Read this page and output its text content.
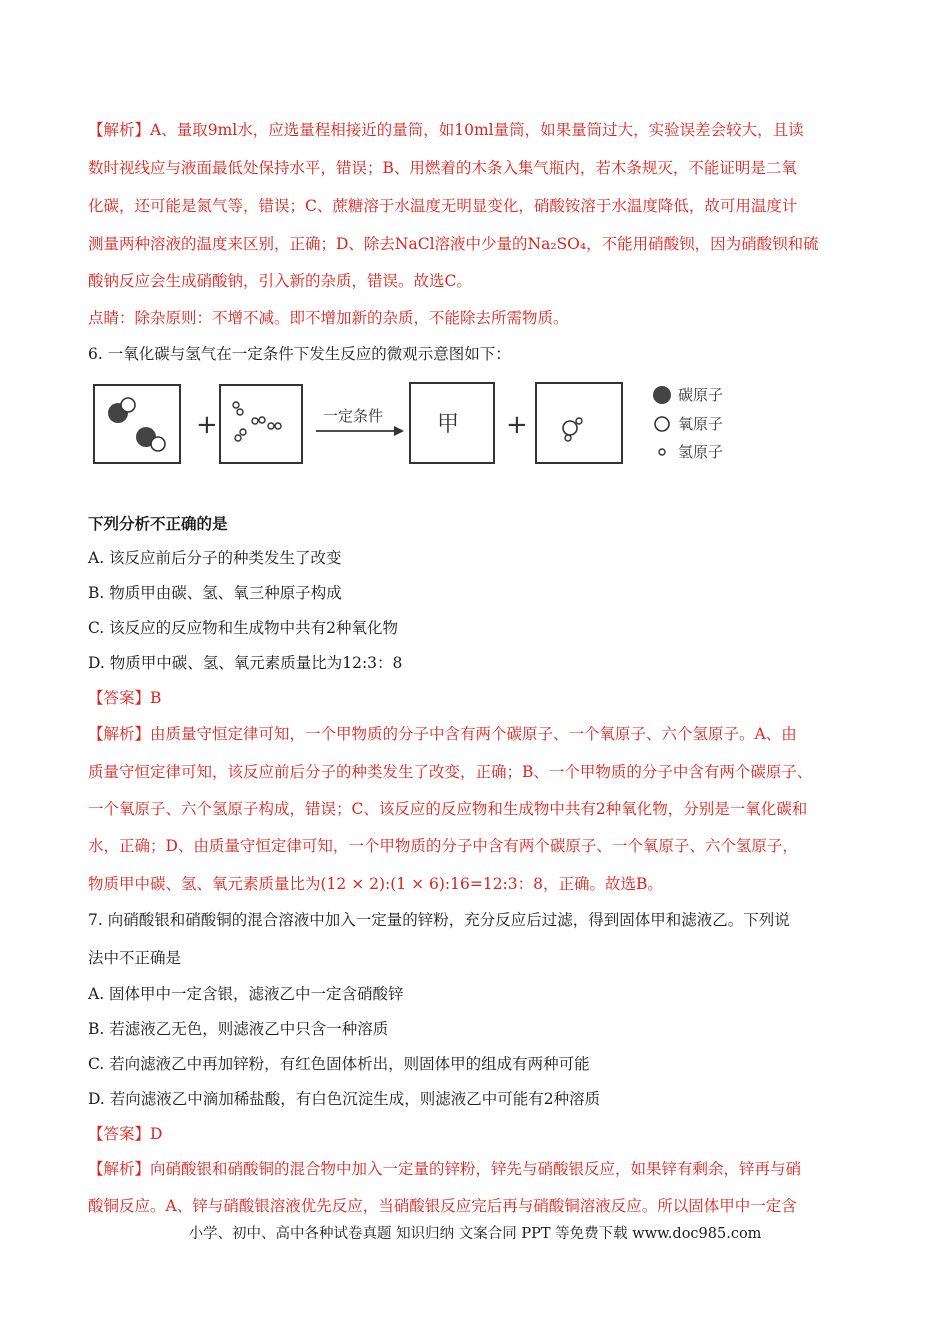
【解析】A、量取9ml水，应选量程相接近的量筒，如10ml量筒，如果量筒过大，实验误差会较大，且读
数时视线应与液面最低处保持水平，错误；B、用燃着的木条入集气瓶内，若木条规灭，不能证明是二氧
化碳，还可能是氮气等，错误；C、蔗糖溶于水温度无明显变化，硝酸铵溶于水温度降低，故可用温度计
测量两种溶液的温度来区别，正确；D、除去NaCl溶液中少量的Na₂SO₄，不能用硝酸钡，因为硝酸钡和硫
酸钠反应会生成硝酸钠，引入新的杂质，错误。故选C。
点睛：除杂原则：不增不减。即不增加新的杂质，不能除去所需物质。
6. 一氧化碳与氢气在一定条件下发生反应的微观示意图如下：
+	一定条件 甲 +
碳原子
氧原子
氢原子
下列分析不正确的是
A. 该反应前后分子的种类发生了改变
B. 物质甲由碳、氢、氧三种原子构成
C. 该反应的反应物和生成物中共有2种氧化物
D. 物质甲中碳、氢、氧元素质量比为12:3：8
【答案】B
【解析】由质量守恒定律可知，一个甲物质的分子中含有两个碳原子、一个氧原子、六个氢原子。A、由
质量守恒定律可知，该反应前后分子的种类发生了改变，正确；B、一个甲物质的分子中含有两个碳原子、
一个氧原子、六个氢原子构成，错误；C、该反应的反应物和生成物中共有2种氧化物，分别是一氧化碳和
水，正确；D、由质量守恒定律可知，一个甲物质的分子中含有两个碳原子、一个氧原子、六个氢原子，
物质甲中碳、氢、氧元素质量比为(12 × 2):(1 × 6):16=12:3：8，正确。故选B。
7. 向硝酸银和硝酸铜的混合溶液中加入一定量的锌粉，充分反应后过滤，得到固体甲和滤液乙。下列说
法中不正确是
A. 固体甲中一定含银，滤液乙中一定含硝酸锌
B. 若滤液乙无色，则滤液乙中只含一种溶质
C. 若向滤液乙中再加锌粉，有红色固体析出，则固体甲的组成有两种可能
D. 若向滤液乙中滴加稀盐酸，有白色沉淀生成，则滤液乙中可能有2种溶质
【答案】D
【解析】向硝酸银和硝酸铜的混合物中加入一定量的锌粉，锌先与硝酸银反应，如果锌有剩余，锌再与硝
酸铜反应。A、锌与硝酸银溶液优先反应，当硝酸银反应完后再与硝酸铜溶液反应。所以固体甲中一定含
小学、初中、高中各种试卷真题 知识归纳 文案合同 PPT 等免费下载 www.doc985.com
